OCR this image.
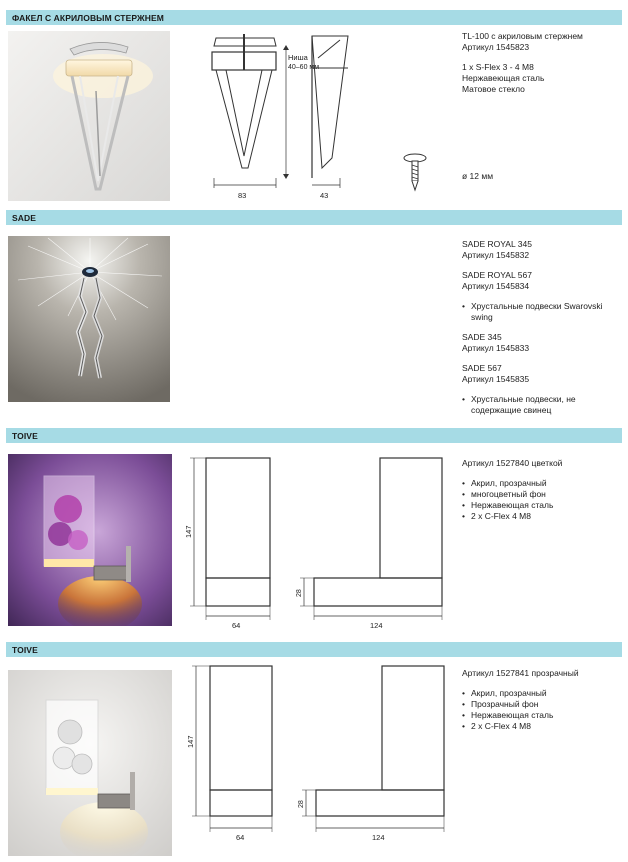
ФАКЕЛ С АКРИЛОВЫМ СТЕРЖНЕМ
Ниша
40–60 мм
83	43
TL-100 с акриловым стержнем
Артикул 1545823
1 x S-Flex 3 - 4 M8
Нержавеющая сталь
Матовое стекло
ø 12 мм
SADE
SADE ROYAL 345
Артикул 1545832
SADE ROYAL 567
Артикул 1545834
• Хрустальные подвески Swarovski swing
SADE 345
Артикул 1545833
SADE 567
Артикул 1545835
• Хрустальные подвески, не содержащие свинец
TOIVE
147
64
28
124
Артикул 1527840 цветкой
• Акрил, прозрачный
• многоцветный фон
• Нержавеющая сталь
• 2 x C-Flex 4 M8
TOIVE
147
64
28
124
Артикул 1527841 прозрачный
• Акрил, прозрачный
• Прозрачный фон
• Нержавеющая сталь
• 2 x C-Flex 4 M8
